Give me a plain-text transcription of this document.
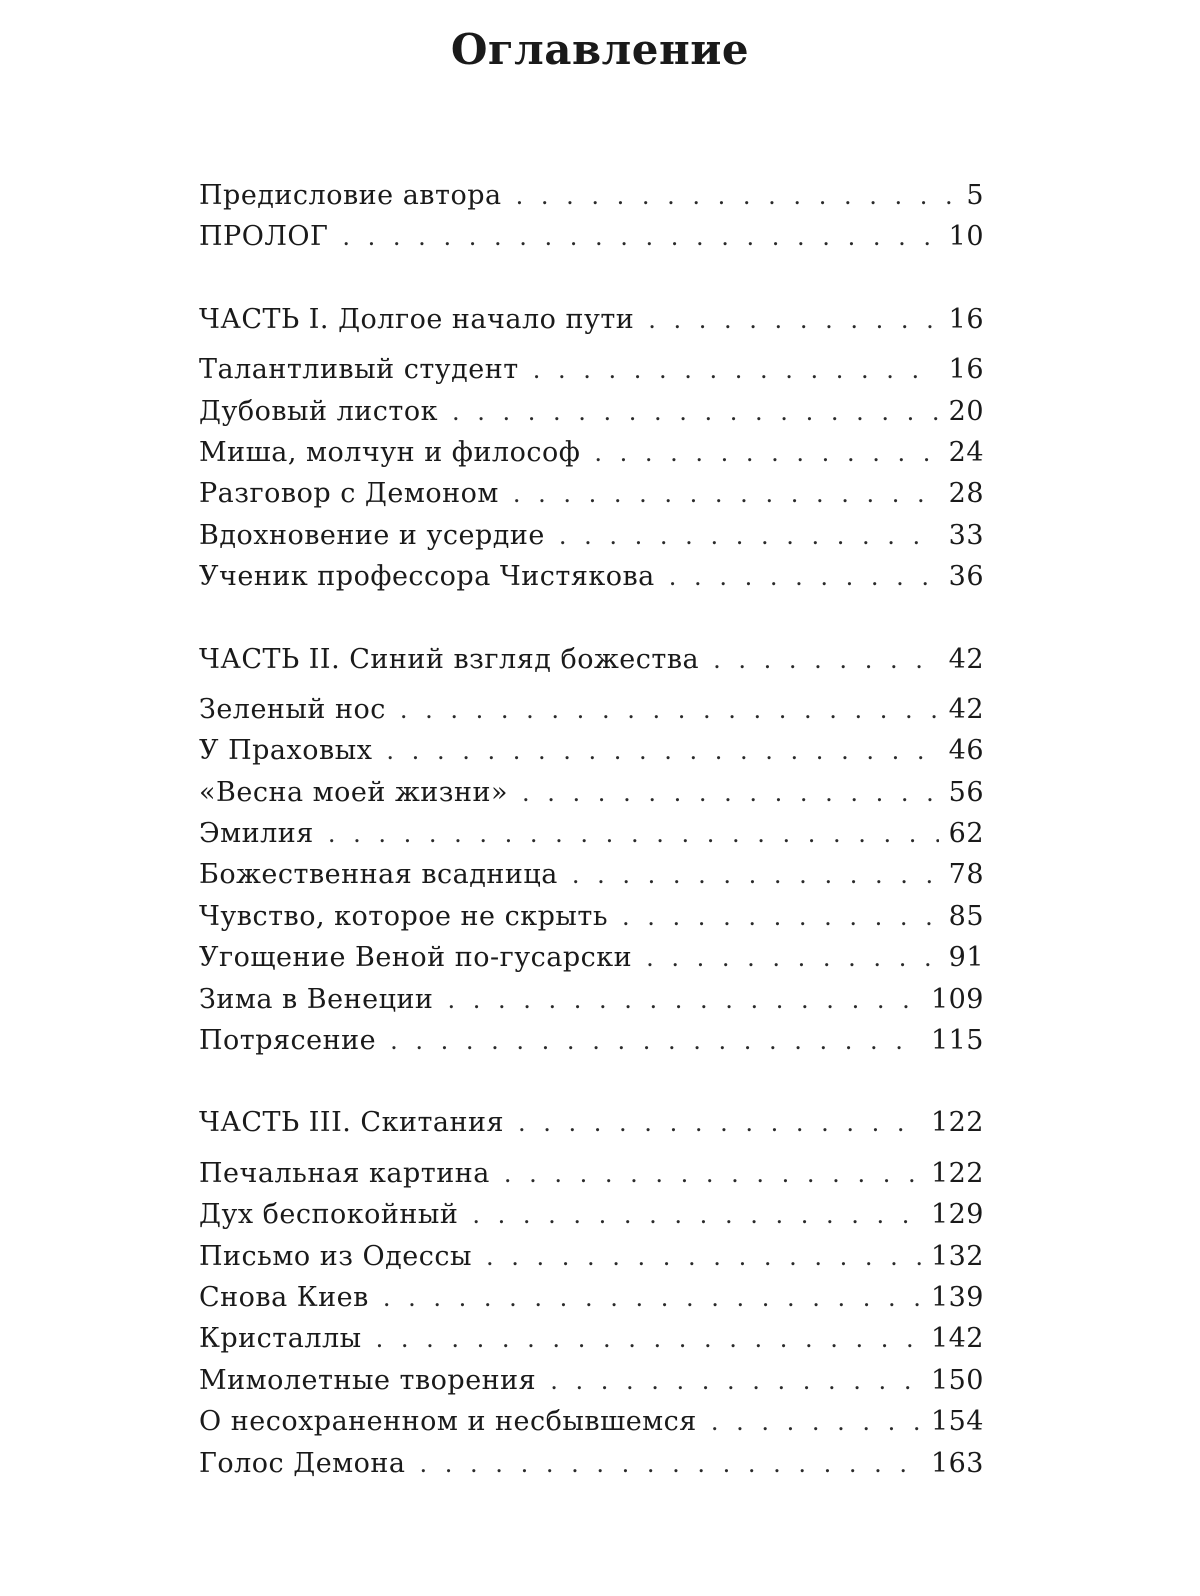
Оглавление
Предисловие автора . . .	5
ПРОЛОГ . . .	10
ЧАСТЬ I. Долгое начало пути . . .	16
Талантливый студент . . .	16
Дубовый листок . . .	20
Миша, молчун и философ . . .	24
Разговор с Демоном . . .	28
Вдохновение и усердие . . .	33
Ученик профессора Чистякова . . .	36
ЧАСТЬ II. Синий взгляд божества . . .	42
Зеленый нос . . .	42
У Праховых . . .	46
«Весна моей жизни» . . .	56
Эмилия . . .	62
Божественная всадница . . .	78
Чувство, которое не скрыть . . .	85
Угощение Веной по-гусарски . . .	91
Зима в Венеции . . .	109
Потрясение . . .	115
ЧАСТЬ III. Скитания . . .	122
Печальная картина . . .	122
Дух беспокойный . . .	129
Письмо из Одессы . . .	132
Снова Киев . . .	139
Кристаллы . . .	142
Мимолетные творения . . .	150
О несохраненном и несбывшемся . . .	154
Голос Демона . . .	163
